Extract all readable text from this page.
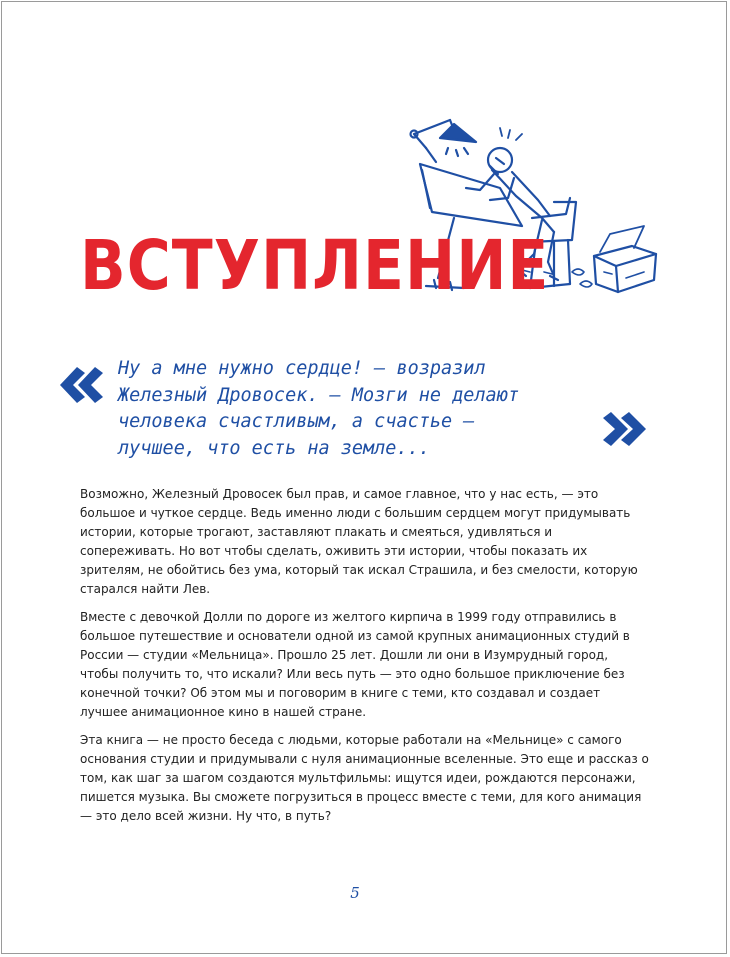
ВСТУПЛЕНИЕ
Ну а мне нужно сердце! – возразил
Железный Дровосек. – Мозги не делают
человека счастливым, а счастье –
лучшее, что есть на земле...

Возможно, Железный Дровосек был прав, и самое главное, что у нас есть, — это большое и чуткое сердце. Ведь именно люди с большим сердцем могут придумывать истории, которые трогают, заставляют плакать и смеяться, удивляться и сопереживать. Но вот чтобы сделать, оживить эти истории, чтобы показать их зрителям, не обойтись без ума, который так искал Страшила, и без смелости, которую старался найти Лев.

Вместе с девочкой Долли по дороге из желтого кирпича в 1999 году отправились в большое путешествие и основатели одной из самой крупных анимационных студий в России — студии «Мельница». Прошло 25 лет. Дошли ли они в Изумрудный город, чтобы получить то, что искали? Или весь путь — это одно большое приключение без конечной точки? Об этом мы и поговорим в книге с теми, кто создавал и создает лучшее анимационное кино в нашей стране.

Эта книга — не просто беседа с людьми, которые работали на «Мельнице» с самого основания студии и придумывали с нуля анимационные вселенные. Это еще и рассказ о том, как шаг за шагом создаются мультфильмы: ищутся идеи, рождаются персонажи, пишется музыка. Вы сможете погрузиться в процесс вместе с теми, для кого анимация — это дело всей жизни. Ну что, в путь?

5
